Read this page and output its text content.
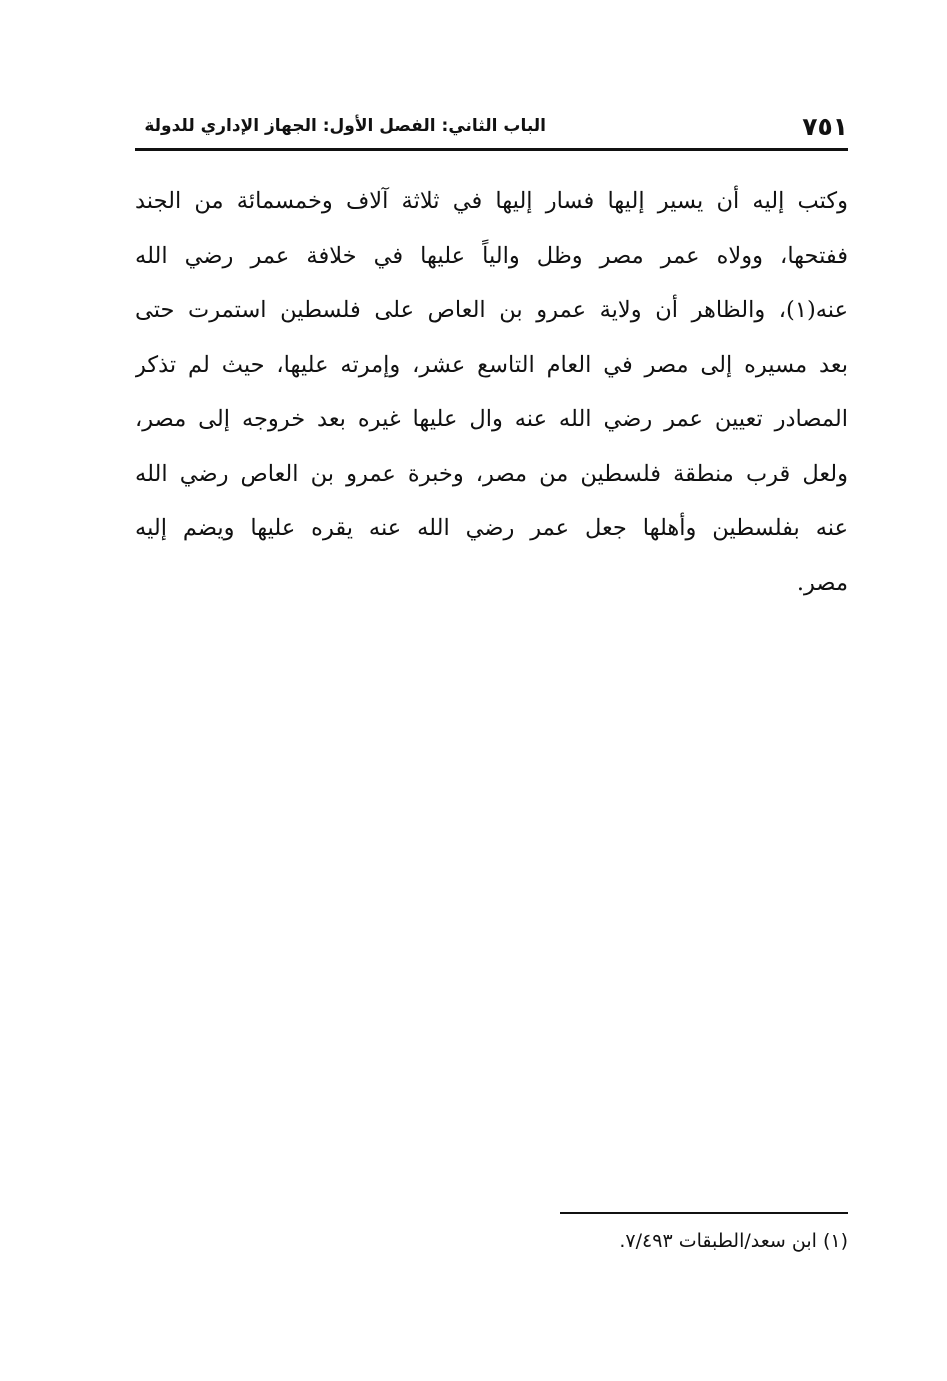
٧٥١
الباب الثاني: الفصل الأول: الجهاز الإداري للدولة
وكتب إليه أن يسير إليها فسار إليها في ثلاثة آلاف وخمسمائة من الجند
ففتحها، وولاه عمر مصر وظل والياً عليها في خلافة عمر رضي الله
عنه(١)، والظاهر أن ولاية عمرو بن العاص على فلسطين استمرت حتى
بعد مسيره إلى مصر في العام التاسع عشر، وإمرته عليها، حيث لم تذكر
المصادر تعيين عمر رضي الله عنه وال عليها غيره بعد خروجه إلى مصر،
ولعل قرب منطقة فلسطين من مصر، وخبرة عمرو بن العاص رضي الله
عنه بفلسطين وأهلها جعل عمر رضي الله عنه يقره عليها ويضم إليه
مصر.
(١) ابن سعد/الطبقات ٧/٤٩٣.
